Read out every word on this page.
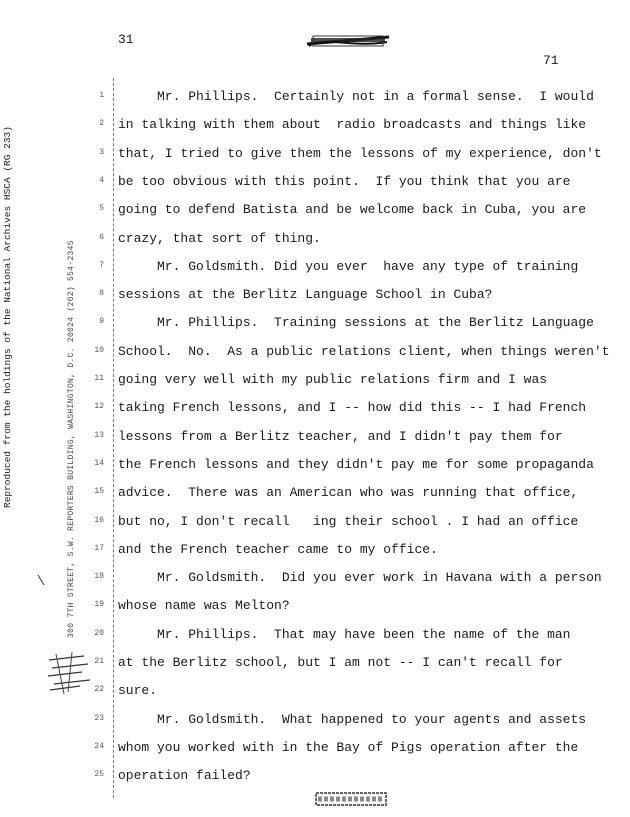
31
71
Reproduced from the holdings of the National Archives HSCA (RG 233)	300 7TH STREET, S.W. REPORTERS BUILDING, WASHINGTON, D.C. 20024 (202) 554-2345
1
2
3
4
5
6
7
8
9
10
11
12
13
14
15
16
17
18
19
20
21
22
23
24
25
Mr. Phillips.  Certainly not in a formal sense.  I would
in talking with them about  radio broadcasts and things like
that, I tried to give them the lessons of my experience, don't
be too obvious with this point.  If you think that you are
going to defend Batista and be welcome back in Cuba, you are
crazy, that sort of thing.
Mr. Goldsmith. Did you ever  have any type of training
sessions at the Berlitz Language School in Cuba?
Mr. Phillips.  Training sessions at the Berlitz Language
School.  No.  As a public relations client, when things weren't
going very well with my public relations firm and I was
taking French lessons, and I -- how did this -- I had French
lessons from a Berlitz teacher, and I didn't pay them for
the French lessons and they didn't pay me for some propaganda
advice.  There was an American who was running that office,
but no, I don't recall   ing their school . I had an office
and the French teacher came to my office.
Mr. Goldsmith.  Did you ever work in Havana with a person
whose name was Melton?
Mr. Phillips.  That may have been the name of the man
at the Berlitz school, but I am not -- I can't recall for
sure.
Mr. Goldsmith.  What happened to your agents and assets
whom you worked with in the Bay of Pigs operation after the
operation failed?
